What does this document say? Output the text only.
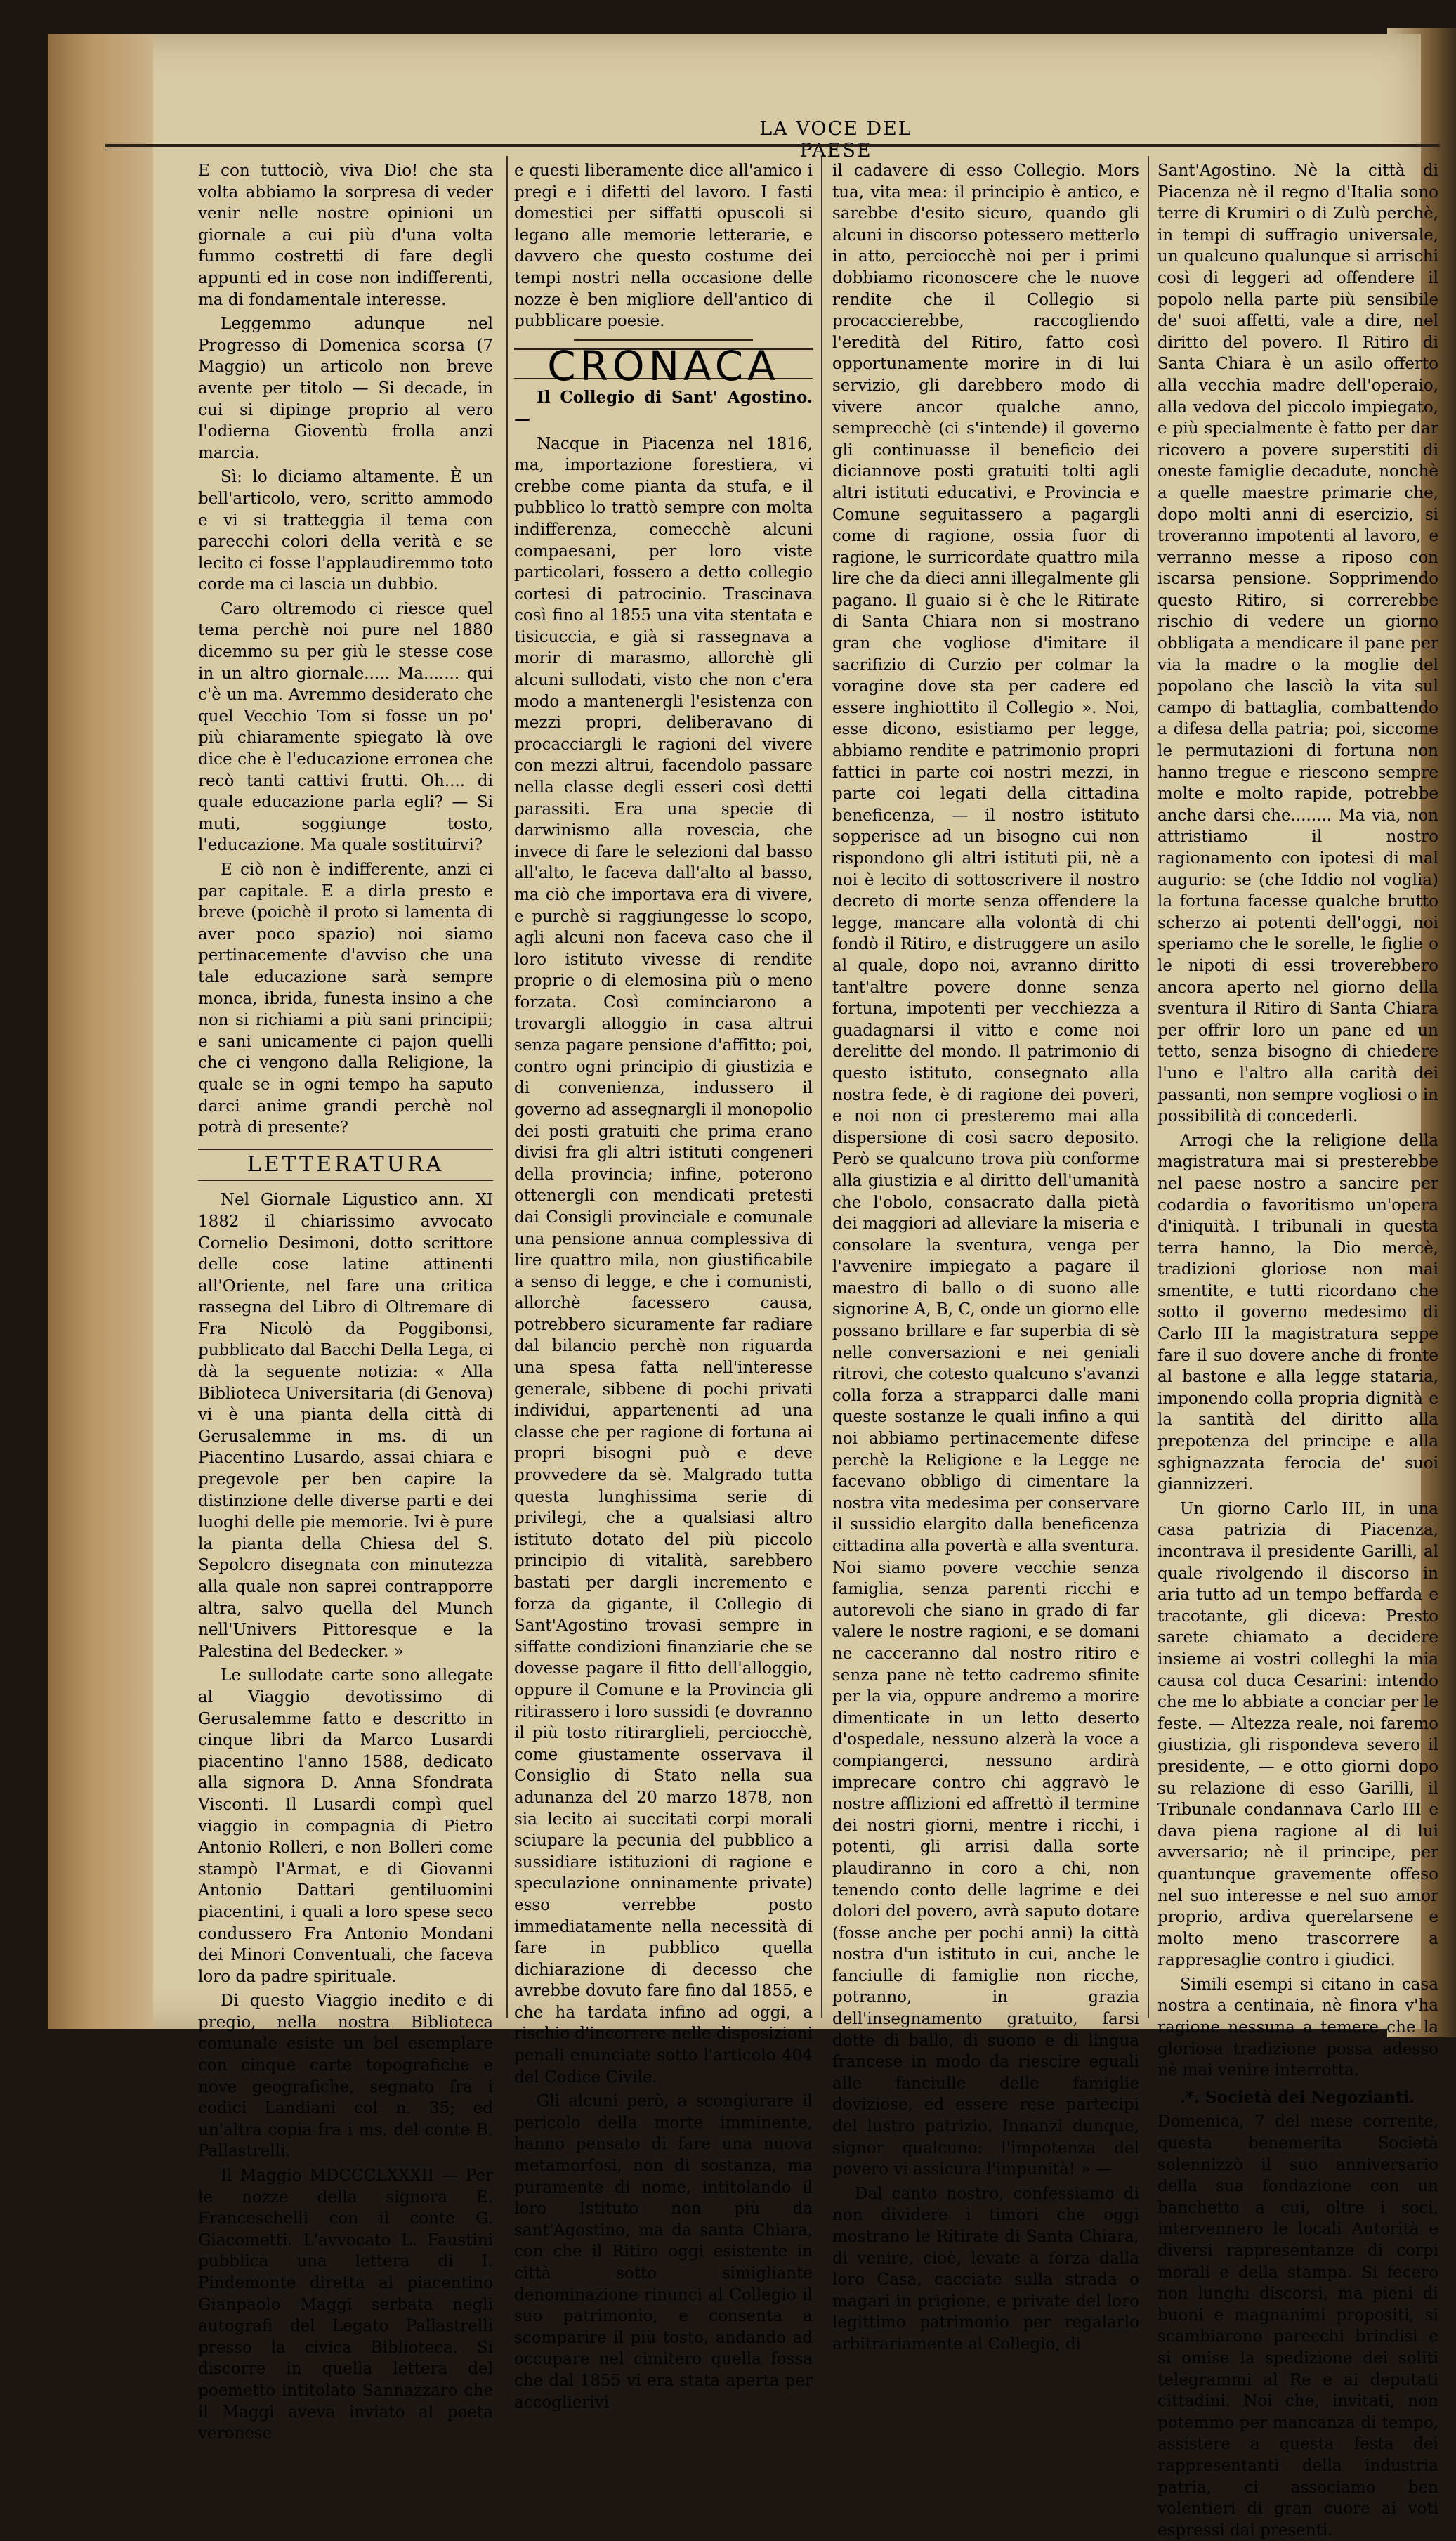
LA VOCE DEL PAESE

E con tuttociò, viva Dio! che sta volta abbiamo la sorpresa di veder venir nelle nostre opinioni un giornale a cui più d'una volta fummo costretti di fare degli appunti ed in cose non indifferenti, ma di fondamentale interesse.

Leggemmo adunque nel Progresso di Domenica scorsa (7 Maggio) un articolo non breve avente per titolo — Si decade, in cui si dipinge proprio al vero l'odierna Gioventù frolla anzi marcia.

Sì: lo diciamo altamente. È un bell'articolo, vero, scritto ammodo e vi si tratteggia il tema con parecchi colori della verità e se lecito ci fosse l'applaudiremmo toto corde ma ci lascia un dubbio.

Caro oltremodo ci riesce quel tema perchè noi pure nel 1880 dicemmo su per giù le stesse cose in un altro giornale..... Ma....... qui c'è un ma. Avremmo desiderato che quel Vecchio Tom si fosse un po' più chiaramente spiegato là ove dice che è l'educazione erronea che recò tanti cattivi frutti. Oh.... di quale educazione parla egli? — Si muti, soggiunge tosto, l'educazione. Ma quale sostituirvi?

E ciò non è indifferente, anzi ci par capitale. E a dirla presto e breve (poichè il proto si lamenta di aver poco spazio) noi siamo pertinacemente d'avviso che una tale educazione sarà sempre monca, ibrida, funesta insino a che non si richiami a più sani principii; e sani unicamente ci pajon quelli che ci vengono dalla Religione, la quale se in ogni tempo ha saputo darci anime grandi perchè nol potrà di presente?

LETTERATURA

Nel Giornale Ligustico ann. XI 1882 il chiarissimo avvocato Cornelio Desimoni, dotto scrittore delle cose latine attinenti all'Oriente, nel fare una critica rassegna del Libro di Oltremare di Fra Nicolò da Poggibonsi, pubblicato dal Bacchi Della Lega, ci dà la seguente notizia: « Alla Biblioteca Universitaria (di Genova) vi è una pianta della città di Gerusalemme in ms. di un Piacentino Lusardo, assai chiara e pregevole per ben capire la distinzione delle diverse parti e dei luoghi delle pie memorie. Ivi è pure la pianta della Chiesa del S. Sepolcro disegnata con minutezza alla quale non saprei contrapporre altra, salvo quella del Munch nell'Univers Pittoresque e la Palestina del Bedecker. »

Le sullodate carte sono allegate al Viaggio devotissimo di Gerusalemme fatto e descritto in cinque libri da Marco Lusardi piacentino l'anno 1588, dedicato alla signora D. Anna Sfondrata Visconti. Il Lusardi compì quel viaggio in compagnia di Pietro Antonio Rolleri, e non Bolleri come stampò l'Armat, e di Giovanni Antonio Dattari gentiluomini piacentini, i quali a loro spese seco condussero Fra Antonio Mondani dei Minori Conventuali, che faceva loro da padre spirituale.

Di questo Viaggio inedito e di pregio, nella nostra Biblioteca comunale esiste un bel esemplare con cinque carte topografiche e nove geografiche, segnato fra i codici Landiani col n. 35; ed un'altra copia fra i ms. del conte B. Pallastrelli.

Il Maggio MDCCCLXXXII — Per le nozze della signora E. Franceschelli con il conte G. Giacometti. L'avvocato L. Faustini pubblica una lettera di I. Pindemonte diretta al piacentino Gianpaolo Maggi serbata negli autografi del Legato Pallastrelli presso la civica Biblioteca. Si discorre in quella lettera del poemetto intitolato Sannazzaro che il Maggi aveva inviato al poeta veronese

e questi liberamente dice all'amico i pregi e i difetti del lavoro. I fasti domestici per siffatti opuscoli si legano alle memorie letterarie, e davvero che questo costume dei tempi nostri nella occasione delle nozze è ben migliore dell'antico di pubblicare poesie.

CRONACA

Il Collegio di Sant' Agostino. —

Nacque in Piacenza nel 1816, ma, importazione forestiera, vi crebbe come pianta da stufa, e il pubblico lo trattò sempre con molta indifferenza, comecchè alcuni compaesani, per loro viste particolari, fossero a detto collegio cortesi di patrocinio. Trascinava così fino al 1855 una vita stentata e tisicuccia, e già si rassegnava a morir di marasmo, allorchè gli alcuni sullodati, visto che non c'era modo a mantenergli l'esistenza con mezzi propri, deliberavano di procacciargli le ragioni del vivere con mezzi altrui, facendolo passare nella classe degli esseri così detti parassiti. Era una specie di darwinismo alla rovescia, che invece di fare le selezioni dal basso all'alto, le faceva dall'alto al basso, ma ciò che importava era di vivere, e purchè si raggiungesse lo scopo, agli alcuni non faceva caso che il loro istituto vivesse di rendite proprie o di elemosina più o meno forzata. Così cominciarono a trovargli alloggio in casa altrui senza pagare pensione d'affitto; poi, contro ogni principio di giustizia e di convenienza, indussero il governo ad assegnargli il monopolio dei posti gratuiti che prima erano divisi fra gli altri istituti congeneri della provincia; infine, poterono ottenergli con mendicati pretesti dai Consigli provinciale e comunale una pensione annua complessiva di lire quattro mila, non giustificabile a senso di legge, e che i comunisti, allorchè facessero causa, potrebbero sicuramente far radiare dal bilancio perchè non riguarda una spesa fatta nell'interesse generale, sibbene di pochi privati individui, appartenenti ad una classe che per ragione di fortuna ai propri bisogni può e deve provvedere da sè. Malgrado tutta questa lunghissima serie di privilegi, che a qualsiasi altro istituto dotato del più piccolo principio di vitalità, sarebbero bastati per dargli incremento e forza da gigante, il Collegio di Sant'Agostino trovasi sempre in siffatte condizioni finanziarie che se dovesse pagare il fitto dell'alloggio, oppure il Comune e la Provincia gli ritirassero i loro sussidi (e dovranno il più tosto ritirarglieli, perciocchè, come giustamente osservava il Consiglio di Stato nella sua adunanza del 20 marzo 1878, non sia lecito ai succitati corpi morali sciupare la pecunia del pubblico a sussidiare istituzioni di ragione e speculazione onninamente private) esso verrebbe posto immediatamente nella necessità di fare in pubblico quella dichiarazione di decesso che avrebbe dovuto fare fino dal 1855, e che ha tardata infino ad oggi, a rischio d'incorrere nelle disposizioni penali enunciate sotto l'articolo 404 del Codice Civile.

Gli alcuni però, a scongiurare il pericolo della morte imminente, hanno pensato di fare una nuova metamorfosi, non di sostanza, ma puramente di nome, intitolando il loro Istituto non più da sant'Agostino, ma da santa Chiara, con che il Ritiro oggi esistente in città sotto simigliante denominazione rinunci al Collegio il suo patrimonio, e consenta a scomparire il più tosto, andando ad occupare nel cimitero quella fossa che dal 1855 vi era stata aperta per accoglierivi

il cadavere di esso Collegio. Mors tua, vita mea: il principio è antico, e sarebbe d'esito sicuro, quando gli alcuni in discorso potessero metterlo in atto, perciocchè noi per i primi dobbiamo riconoscere che le nuove rendite che il Collegio si procaccierebbe, raccogliendo l'eredità del Ritiro, fatto così opportunamente morire in di lui servizio, gli darebbero modo di vivere ancor qualche anno, semprecchè (ci s'intende) il governo gli continuasse il beneficio dei diciannove posti gratuiti tolti agli altri istituti educativi, e Provincia e Comune seguitassero a pagargli come di ragione, ossia fuor di ragione, le surricordate quattro mila lire che da dieci anni illegalmente gli pagano. Il guaio si è che le Ritirate di Santa Chiara non si mostrano gran che vogliose d'imitare il sacrifizio di Curzio per colmar la voragine dove sta per cadere ed essere inghiottito il Collegio ». Noi, esse dicono, esistiamo per legge, abbiamo rendite e patrimonio propri fattici in parte coi nostri mezzi, in parte coi legati della cittadina beneficenza, — il nostro istituto sopperisce ad un bisogno cui non rispondono gli altri istituti pii, nè a noi è lecito di sottoscrivere il nostro decreto di morte senza offendere la legge, mancare alla volontà di chi fondò il Ritiro, e distruggere un asilo al quale, dopo noi, avranno diritto tant'altre povere donne senza fortuna, impotenti per vecchiezza a guadagnarsi il vitto e come noi derelitte del mondo. Il patrimonio di questo istituto, consegnato alla nostra fede, è di ragione dei poveri, e noi non ci presteremo mai alla dispersione di così sacro deposito. Però se qualcuno trova più conforme alla giustizia e al diritto dell'umanità che l'obolo, consacrato dalla pietà dei maggiori ad alleviare la miseria e consolare la sventura, venga per l'avvenire impiegato a pagare il maestro di ballo o di suono alle signorine A, B, C, onde un giorno elle possano brillare e far superbia di sè nelle conversazioni e nei geniali ritrovi, che cotesto qualcuno s'avanzi colla forza a strapparci dalle mani queste sostanze le quali infino a qui noi abbiamo pertinacemente difese perchè la Religione e la Legge ne facevano obbligo di cimentare la nostra vita medesima per conservare il sussidio elargito dalla beneficenza cittadina alla povertà e alla sventura. Noi siamo povere vecchie senza famiglia, senza parenti ricchi e autorevoli che siano in grado di far valere le nostre ragioni, e se domani ne cacceranno dal nostro ritiro e senza pane nè tetto cadremo sfinite per la via, oppure andremo a morire dimenticate in un letto deserto d'ospedale, nessuno alzerà la voce a compiangerci, nessuno ardirà imprecare contro chi aggravò le nostre afflizioni ed affrettò il termine dei nostri giorni, mentre i ricchi, i potenti, gli arrisi dalla sorte plaudiranno in coro a chi, non tenendo conto delle lagrime e dei dolori del povero, avrà saputo dotare (fosse anche per pochi anni) la città nostra d'un istituto in cui, anche le fanciulle di famiglie non ricche, potranno, in grazia dell'insegnamento gratuito, farsi dotte di ballo, di suono e di lingua francese in modo da riescire eguali alle fanciulle delle famiglie doviziose, ed essere rese partecipi del lustro patrizio. Innanzi dunque, signor qualcuno: l'impotenza del povero vi assicura l'impunità! » —

Dal canto nostro, confessiamo di non dividere i timori che oggi mostrano le Ritirate di Santa Chiara, di venire, cioè, levate a forza dalla loro Casa, cacciate sulla strada o magari in prigione, e private del loro legittimo patrimonio per regalarlo arbitrariamente al Collegio, di

Sant'Agostino. Nè la città di Piacenza nè il regno d'Italia sono terre di Krumiri o di Zulù perchè, in tempi di suffragio universale, un qualcuno qualunque si arrischi così di leggeri ad offendere il popolo nella parte più sensibile de' suoi affetti, vale a dire, nel diritto del povero. Il Ritiro di Santa Chiara è un asilo offerto alla vecchia madre dell'operaio, alla vedova del piccolo impiegato, e più specialmente è fatto per dar ricovero a povere superstiti di oneste famiglie decadute, nonchè a quelle maestre primarie che, dopo molti anni di esercizio, si troveranno impotenti al lavoro, e verranno messe a riposo con iscarsa pensione. Sopprimendo questo Ritiro, si correrebbe rischio di vedere un giorno obbligata a mendicare il pane per via la madre o la moglie del popolano che lasciò la vita sul campo di battaglia, combattendo a difesa della patria; poi, siccome le permutazioni di fortuna non hanno tregue e riescono sempre molte e molto rapide, potrebbe anche darsi che........ Ma via, non attristiamo il nostro ragionamento con ipotesi di mal augurio: se (che Iddio nol voglia) la fortuna facesse qualche brutto scherzo ai potenti dell'oggi, noi speriamo che le sorelle, le figlie o le nipoti di essi troverebbero ancora aperto nel giorno della sventura il Ritiro di Santa Chiara per offrir loro un pane ed un tetto, senza bisogno di chiedere l'uno e l'altro alla carità dei passanti, non sempre vogliosi o in possibilità di concederli.

Arrogi che la religione della magistratura mai si presterebbe nel paese nostro a sancire per codardia o favoritismo un'opera d'iniquità. I tribunali in questa terra hanno, la Dio mercè, tradizioni gloriose non mai smentite, e tutti ricordano che sotto il governo medesimo di Carlo III la magistratura seppe fare il suo dovere anche di fronte al bastone e alla legge stataria, imponendo colla propria dignità e la santità del diritto alla prepotenza del principe e alla sghignazzata ferocia de' suoi giannizzeri.

Un giorno Carlo III, in una casa patrizia di Piacenza, incontrava il presidente Garilli, al quale rivolgendo il discorso in aria tutto ad un tempo beffarda e tracotante, gli diceva: Presto sarete chiamato a decidere insieme ai vostri colleghi la mia causa col duca Cesarini: intendo che me lo abbiate a conciar per le feste. — Altezza reale, noi faremo giustizia, gli rispondeva severo il presidente, — e otto giorni dopo su relazione di esso Garilli, il Tribunale condannava Carlo III e dava piena ragione al di lui avversario; nè il principe, per quantunque gravemente offeso nel suo interesse e nel suo amor proprio, ardiva querelarsene e molto meno trascorrere a rappresaglie contro i giudici.

Simili esempi si citano in casa nostra a centinaia, nè finora v'ha ragione nessuna a temere che la gloriosa tradizione possa adesso nè mai venire interrotta.

.*. Società dei Negozianti.

Domenica, 7 del mese corrente, questa benemerita Società solennizzò il suo anniversario della sua fondazione con un banchetto a cui, oltre i soci, intervennero le locali Autorità e diversi rappresentanze di corpi morali e della stampa. Si fecero non lunghi discorsi, ma pieni di buoni e magnanimi propositi, si scambiarono parecchi brindisi e si omise la spedizione dei soliti telegrammi al Re e ai deputati cittadini. Noi che, invitati, non potemmo per mancanza di tempo, assistere a questa festa dei rappresentanti della industria patria, ci associamo ben volentieri di gran cuore ai voti espressi dai presenti.
